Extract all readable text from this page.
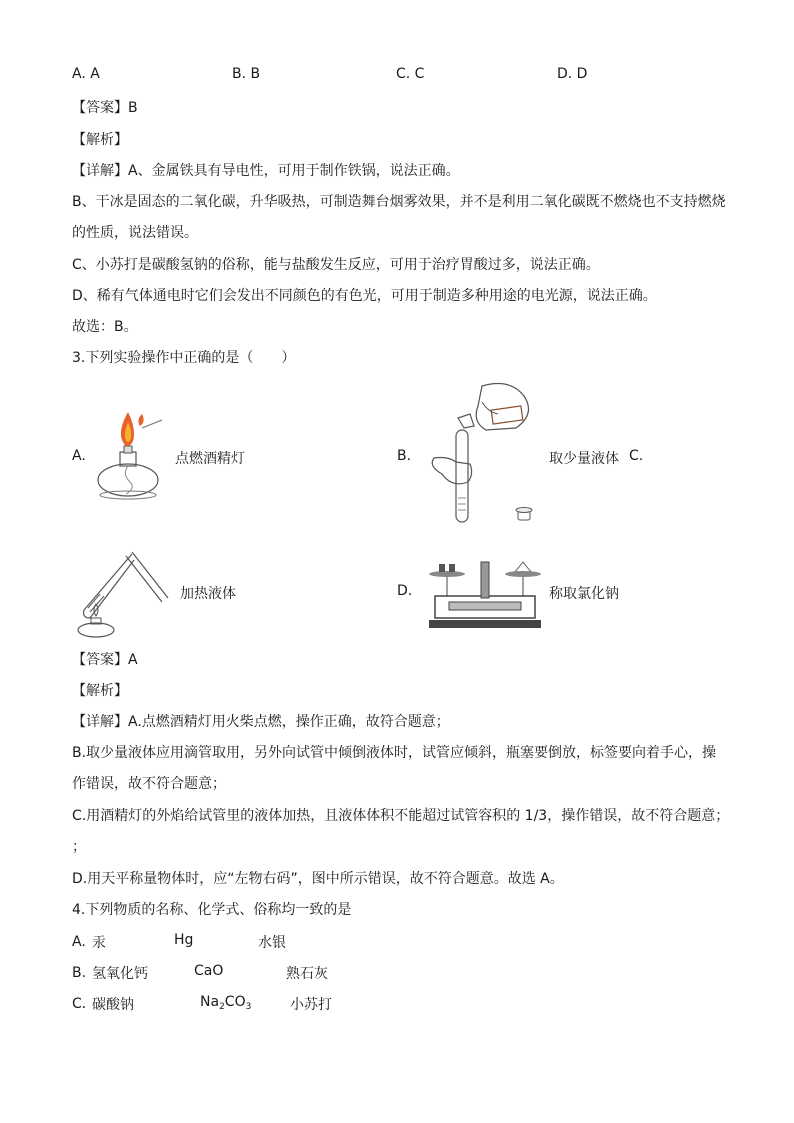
A. A	B. B	C. C	D. D
【答案】B
【解析】
【详解】A、金属铁具有导电性，可用于制作铁锅，说法正确。
B、干冰是固态的二氧化碳，升华吸热，可制造舞台烟雾效果，并不是利用二氧化碳既不燃烧也不支持燃烧
的性质，说法错误。
C、小苏打是碳酸氢钠的俗称，能与盐酸发生反应，可用于治疗胃酸过多，说法正确。
D、稀有气体通电时它们会发出不同颜色的有色光，可用于制造多种用途的电光源，说法正确。
故选：B。
3.下列实验操作中正确的是（　　）
A.	点燃酒精灯	B.	取少量液体 C.
加热液体	D.	称取氯化钠
【答案】A
【解析】
【详解】A.点燃酒精灯用火柴点燃，操作正确，故符合题意；
B.取少量液体应用滴管取用，另外向试管中倾倒液体时，试管应倾斜，瓶塞要倒放，标签要向着手心，操
作错误，故不符合题意；
C.用酒精灯的外焰给试管里的液体加热，且液体体积不能超过试管容积的 1/3，操作错误，故不符合题意；
；
D.用天平称量物体时，应“左物右码”，图中所示错误，故不符合题意。故选 A。
4.下列物质的名称、化学式、俗称均一致的是
A. 汞	Hg	水银
B. 氢氧化钙	CaO	熟石灰
C．
碳酸钠	$Na_2CO_3$	小苏打
